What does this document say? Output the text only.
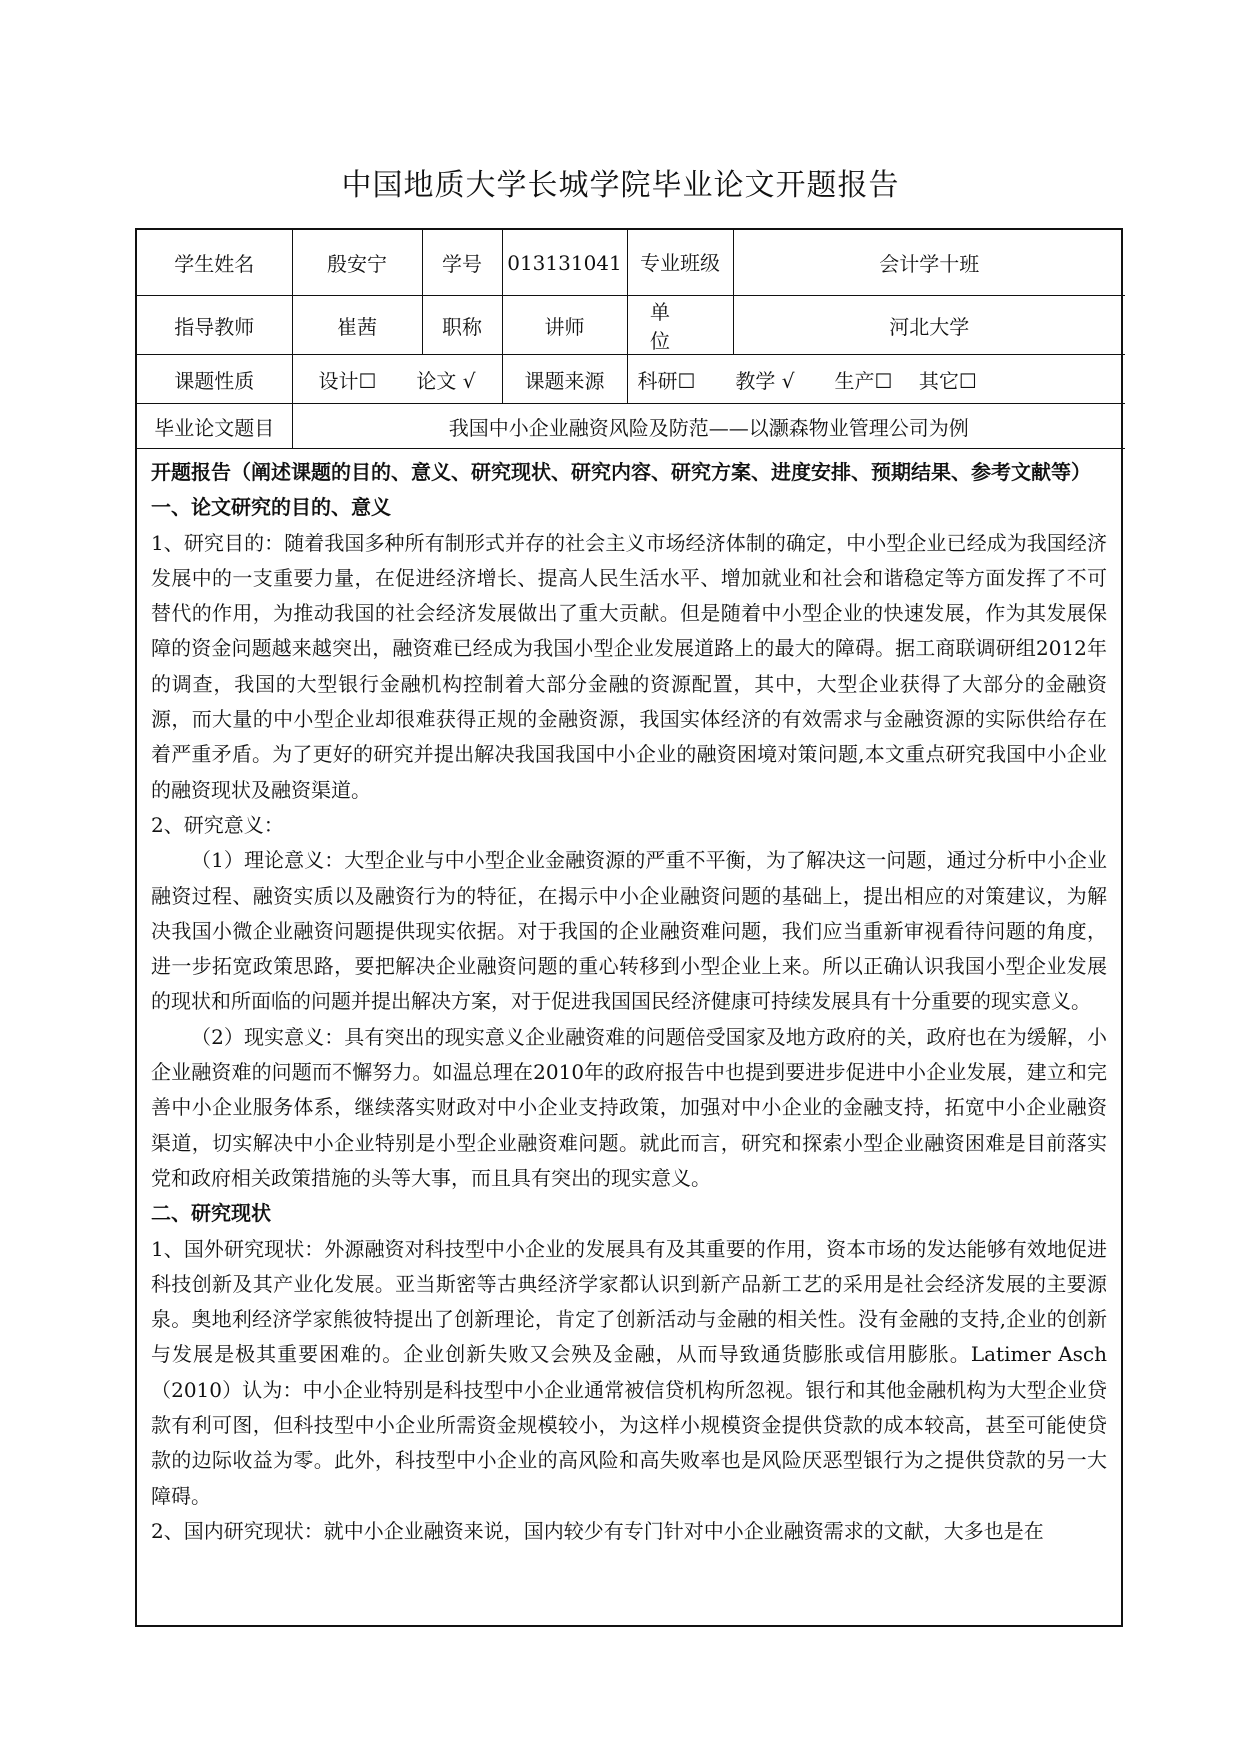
中国地质大学长城学院毕业论文开题报告
学生姓名	殷安宁	学号	013131041	专业班级	会计学十班
指导教师	崔茜	职称	讲师	单 位	河北大学
课题性质	设计☐　　论文 √		课题来源	科研☐　　教学 √　　生产☐　 其它☐	
毕业论文题目	我国中小企业融资风险及防范——以灏森物业管理公司为例				

开题报告（阐述课题的目的、意义、研究现状、研究内容、研究方案、进度安排、预期结果、参考文献等）

一、论文研究的目的、意义

1、研究目的：随着我国多种所有制形式并存的社会主义市场经济体制的确定，中小型企业已经成为我国经济发展中的一支重要力量，在促进经济增长、提高人民生活水平、增加就业和社会和谐稳定等方面发挥了不可替代的作用，为推动我国的社会经济发展做出了重大贡献。但是随着中小型企业的快速发展，作为其发展保障的资金问题越来越突出，融资难已经成为我国小型企业发展道路上的最大的障碍。据工商联调研组2012年的调查，我国的大型银行金融机构控制着大部分金融的资源配置，其中，大型企业获得了大部分的金融资源，而大量的中小型企业却很难获得正规的金融资源，我国实体经济的有效需求与金融资源的实际供给存在着严重矛盾。为了更好的研究并提出解决我国我国中小企业的融资困境对策问题,本文重点研究我国中小企业的融资现状及融资渠道。

2、研究意义：

（1）理论意义：大型企业与中小型企业金融资源的严重不平衡，为了解决这一问题，通过分析中小企业融资过程、融资实质以及融资行为的特征，在揭示中小企业融资问题的基础上，提出相应的对策建议，为解决我国小微企业融资问题提供现实依据。对于我国的企业融资难问题，我们应当重新审视看待问题的角度，进一步拓宽政策思路，要把解决企业融资问题的重心转移到小型企业上来。所以正确认识我国小型企业发展的现状和所面临的问题并提出解决方案，对于促进我国国民经济健康可持续发展具有十分重要的现实意义。

（2）现实意义：具有突出的现实意义企业融资难的问题倍受国家及地方政府的关，政府也在为缓解，小企业融资难的问题而不懈努力。如温总理在2010年的政府报告中也提到要进步促进中小企业发展，建立和完善中小企业服务体系，继续落实财政对中小企业支持政策，加强对中小企业的金融支持，拓宽中小企业融资渠道，切实解决中小企业特别是小型企业融资难问题。就此而言，研究和探索小型企业融资困难是目前落实党和政府相关政策措施的头等大事，而且具有突出的现实意义。

二、研究现状

1、国外研究现状：外源融资对科技型中小企业的发展具有及其重要的作用，资本市场的发达能够有效地促进科技创新及其产业化发展。亚当斯密等古典经济学家都认识到新产品新工艺的采用是社会经济发展的主要源泉。奥地利经济学家熊彼特提出了创新理论，肯定了创新活动与金融的相关性。没有金融的支持,企业的创新与发展是极其重要困难的。企业创新失败又会殃及金融，从而导致通货膨胀或信用膨胀。Latimer Asch（2010）认为：中小企业特别是科技型中小企业通常被信贷机构所忽视。银行和其他金融机构为大型企业贷款有利可图，但科技型中小企业所需资金规模较小，为这样小规模资金提供贷款的成本较高，甚至可能使贷款的边际收益为零。此外，科技型中小企业的高风险和高失败率也是风险厌恶型银行为之提供贷款的另一大障碍。

2、国内研究现状：就中小企业融资来说，国内较少有专门针对中小企业融资需求的文献，大多也是在
